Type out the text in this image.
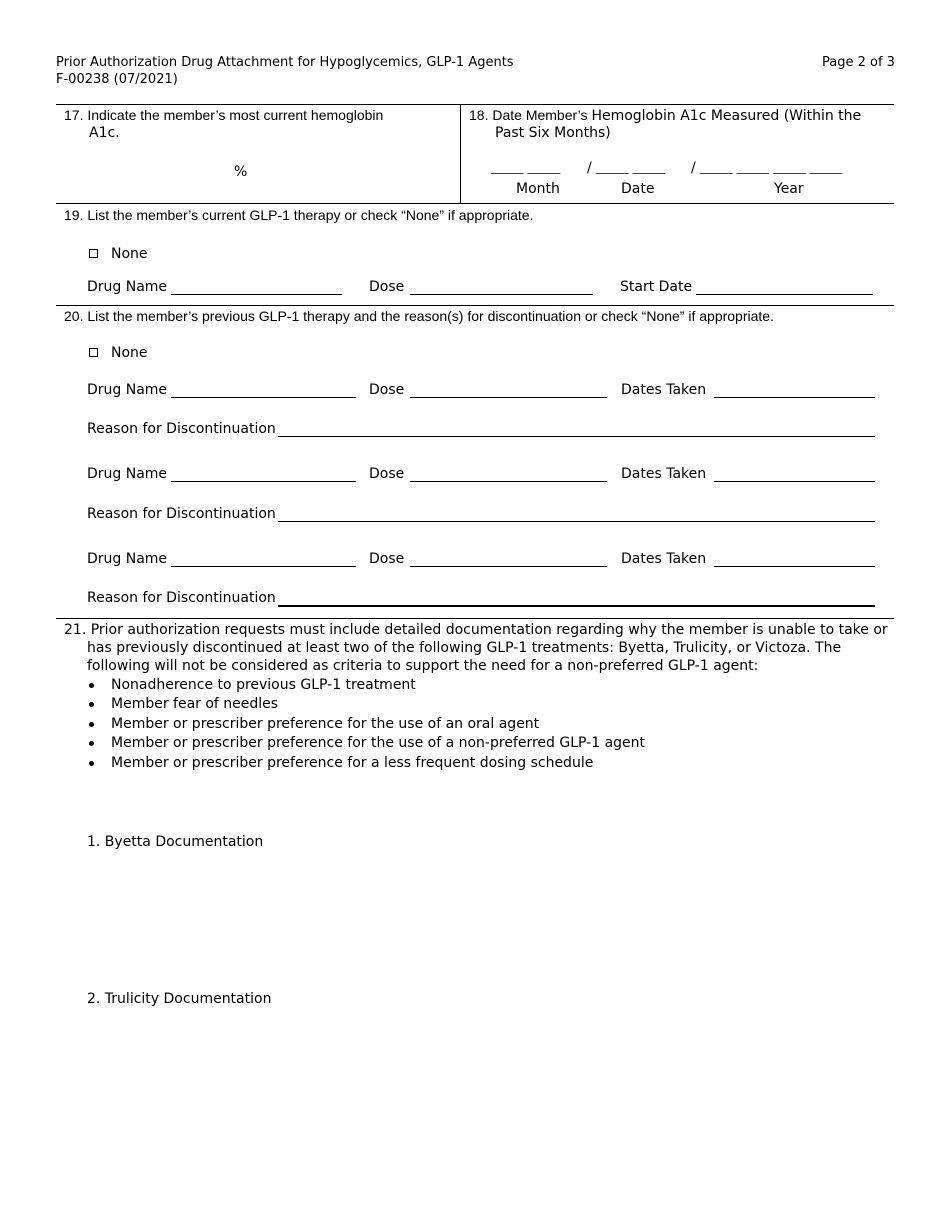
Prior Authorization Drug Attachment for Hypoglycemics, GLP-1 Agents
F-00238 (07/2021)
Page 2 of 3
17. Indicate the member’s most current hemoglobin
A1c.
%
18. Date Member’s Hemoglobin A1c Measured (Within the
Past Six Months)
_____ _____ / _____ _____ / _____ _____ _____ _____
Month	Date	Year
19. List the member’s current GLP-1 therapy or check “None” if appropriate.
None
Drug Name	Dose	Start Date
20. List the member’s previous GLP-1 therapy and the reason(s) for discontinuation or check “None” if appropriate.
None
Drug Name	Dose	Dates Taken
Reason for Discontinuation
Drug Name	Dose	Dates Taken
Reason for Discontinuation
Drug Name	Dose	Dates Taken
Reason for Discontinuation
21. Prior authorization requests must include detailed documentation regarding why the member is unable to take or
has previously discontinued at least two of the following GLP-1 treatments: Byetta, Trulicity, or Victoza. The
following will not be considered as criteria to support the need for a non-preferred GLP-1 agent:
Nonadherence to previous GLP-1 treatment
Member fear of needles
Member or prescriber preference for the use of an oral agent
Member or prescriber preference for the use of a non-preferred GLP-1 agent
Member or prescriber preference for a less frequent dosing schedule
1. Byetta Documentation
2. Trulicity Documentation
